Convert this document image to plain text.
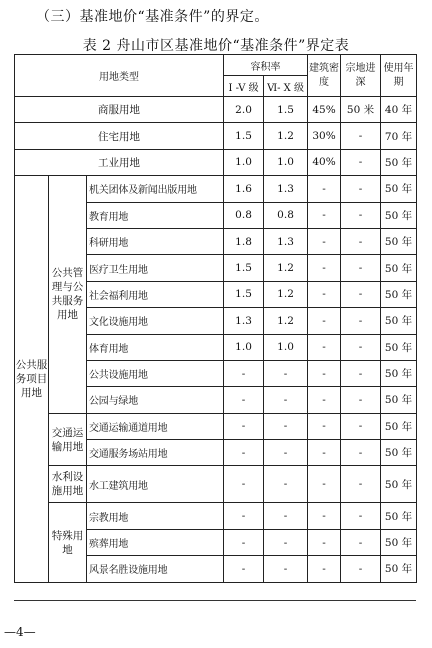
（三）基准地价“基准条件”的界定。
表 2 舟山市区基准地价“基准条件”界定表
用地类型			容积率		建筑密度	宗地进深	使用年期
			I -V 级	Ⅵ- X 级			
商服用地			2.0	1.5	45%	50 米	40 年
住宅用地			1.5	1.2	30%	-	70 年
工业用地			1.0	1.0	40%	-	50 年
公共服务项目用地	公共管理与公共服务用地	机关团体及新闻出版用地	1.6	1.3	-	-	50 年
		教育用地	0.8	0.8	-	-	50 年
		科研用地	1.8	1.3	-	-	50 年
		医疗卫生用地	1.5	1.2	-	-	50 年
		社会福利用地	1.5	1.2	-	-	50 年
		文化设施用地	1.3	1.2	-	-	50 年
		体育用地	1.0	1.0	-	-	50 年
		公共设施用地	-	-	-	-	50 年
		公园与绿地	-	-	-	-	50 年
	交通运输用地	交通运输通道用地	-	-	-	-	50 年
		交通服务场站用地	-	-	-	-	50 年
	水利设施用地	水工建筑用地	-	-	-	-	50 年
	特殊用地	宗教用地	-	-	-	-	50 年
		殡葬用地	-	-	-	-	50 年
		风景名胜设施用地	-	-	-	-	50 年
—4—
